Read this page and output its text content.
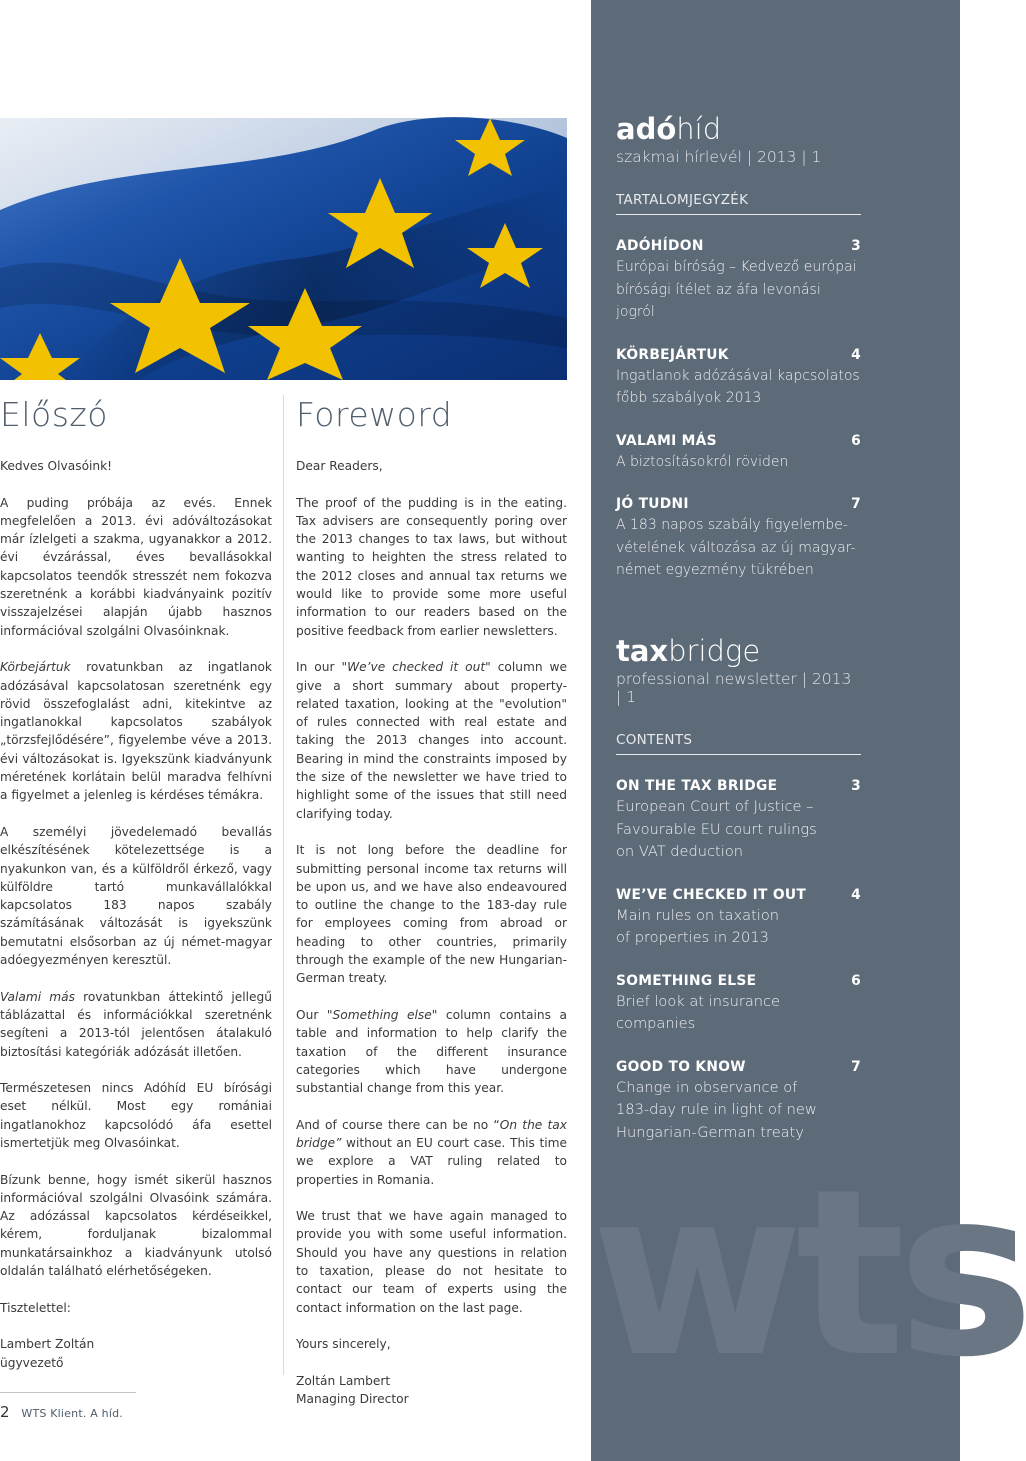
Előszó

Kedves Olvasóink!

A puding próbája az evés. Ennek megfelelően a 2013. évi adóváltozásokat már ízlelgeti a szakma, ugyanakkor a 2012. évi évzárással, éves bevallásokkal kapcsolatos teendők stresszét nem fokozva szeretnénk a korábbi kiadványaink pozitív visszajelzései alapján újabb hasznos információval szolgálni Olvasóinknak.

Körbejártuk rovatunkban az ingatlanok adózásával kapcsolatosan szeretnénk egy rövid összefoglalást adni, kitekintve az ingatlanokkal kapcsolatos szabályok „törzsfejlődésére”, figyelembe véve a 2013. évi változásokat is. Igyekszünk kiadványunk méretének korlátain belül maradva felhívni a figyelmet a jelenleg is kérdéses témákra.

A személyi jövedelemadó bevallás elkészítésének kötelezettsége is a nyakunkon van, és a külföldről érkező, vagy külföldre tartó munkavállalókkal kapcsolatos 183 napos szabály számításának változását is igyekszünk bemutatni elsősorban az új német-magyar adóegyezményen keresztül.

Valami más rovatunkban áttekintő jellegű táblázattal és információkkal szeretnénk segíteni a 2013-tól jelentősen átalakuló biztosítási kategóriák adózását illetően.

Természetesen nincs Adóhíd EU bírósági eset nélkül. Most egy romániai ingatlanokhoz kapcsolódó áfa esettel ismertetjük meg Olvasóinkat.

Bízunk benne, hogy ismét sikerül hasznos információval szolgálni Olvasóink számára. Az adózással kapcsolatos kérdéseikkel, kérem, forduljanak bizalommal munkatársainkhoz a kiadványunk utolsó oldalán található elérhetőségeken.

Tisztelettel:

Lambert Zoltán

ügyvezető

Foreword

Dear Readers,

The proof of the pudding is in the eating. Tax advisers are consequently poring over the 2013 changes to tax laws, but without wanting to heighten the stress related to the 2012 closes and annual tax returns we would like to provide some more useful information to our readers based on the positive feedback from earlier newsletters.

In our "We’ve checked it out" column we give a short summary about property-related taxation, looking at the "evolution" of rules connected with real estate and taking the 2013 changes into account. Bearing in mind the constraints imposed by the size of the newsletter we have tried to highlight some of the issues that still need clarifying today.

It is not long before the deadline for submitting personal income tax returns will be upon us, and we have also endeavoured to outline the change to the 183-day rule for employees coming from abroad or heading to other countries, primarily through the example of the new Hungarian-German treaty.

Our "Something else" column contains a table and information to help clarify the taxation of the different insurance categories which have undergone substantial change from this year.

And of course there can be no “On the tax bridge” without an EU court case. This time we explore a VAT ruling related to properties in Romania.

We trust that we have again managed to provide you with some useful information. Should you have any questions in relation to taxation, please do not hesitate to contact our team of experts using the contact information on the last page.

Yours sincerely,

Zoltán Lambert

Managing Director

2 WTS Klient. A híd.
wts
adóhíd
szakmai hírlevél | 2013 | 1
TARTALOMJEGYZÉK
ADÓHÍDON	3
Európai bíróság – Kedvező európai
bírósági ítélet az áfa levonási jogról
KÖRBEJÁRTUK	4
Ingatlanok adózásával kapcsolatos
főbb szabályok 2013
VALAMI MÁS	6
A biztosításokról röviden
JÓ TUDNI	7
A 183 napos szabály figyelembe-
vételének változása az új magyar-
német egyezmény tükrében
taxbridge
professional newsletter | 2013 | 1
CONTENTS
ON THE TAX BRIDGE	3
European Court of Justice –
Favourable EU court rulings
on VAT deduction
WE’VE CHECKED IT OUT	4
Main rules on taxation
of properties in 2013
SOMETHING ELSE	6
Brief look at insurance
companies
GOOD TO KNOW	7
Change in observance of
183-day rule in light of new
Hungarian-German treaty
